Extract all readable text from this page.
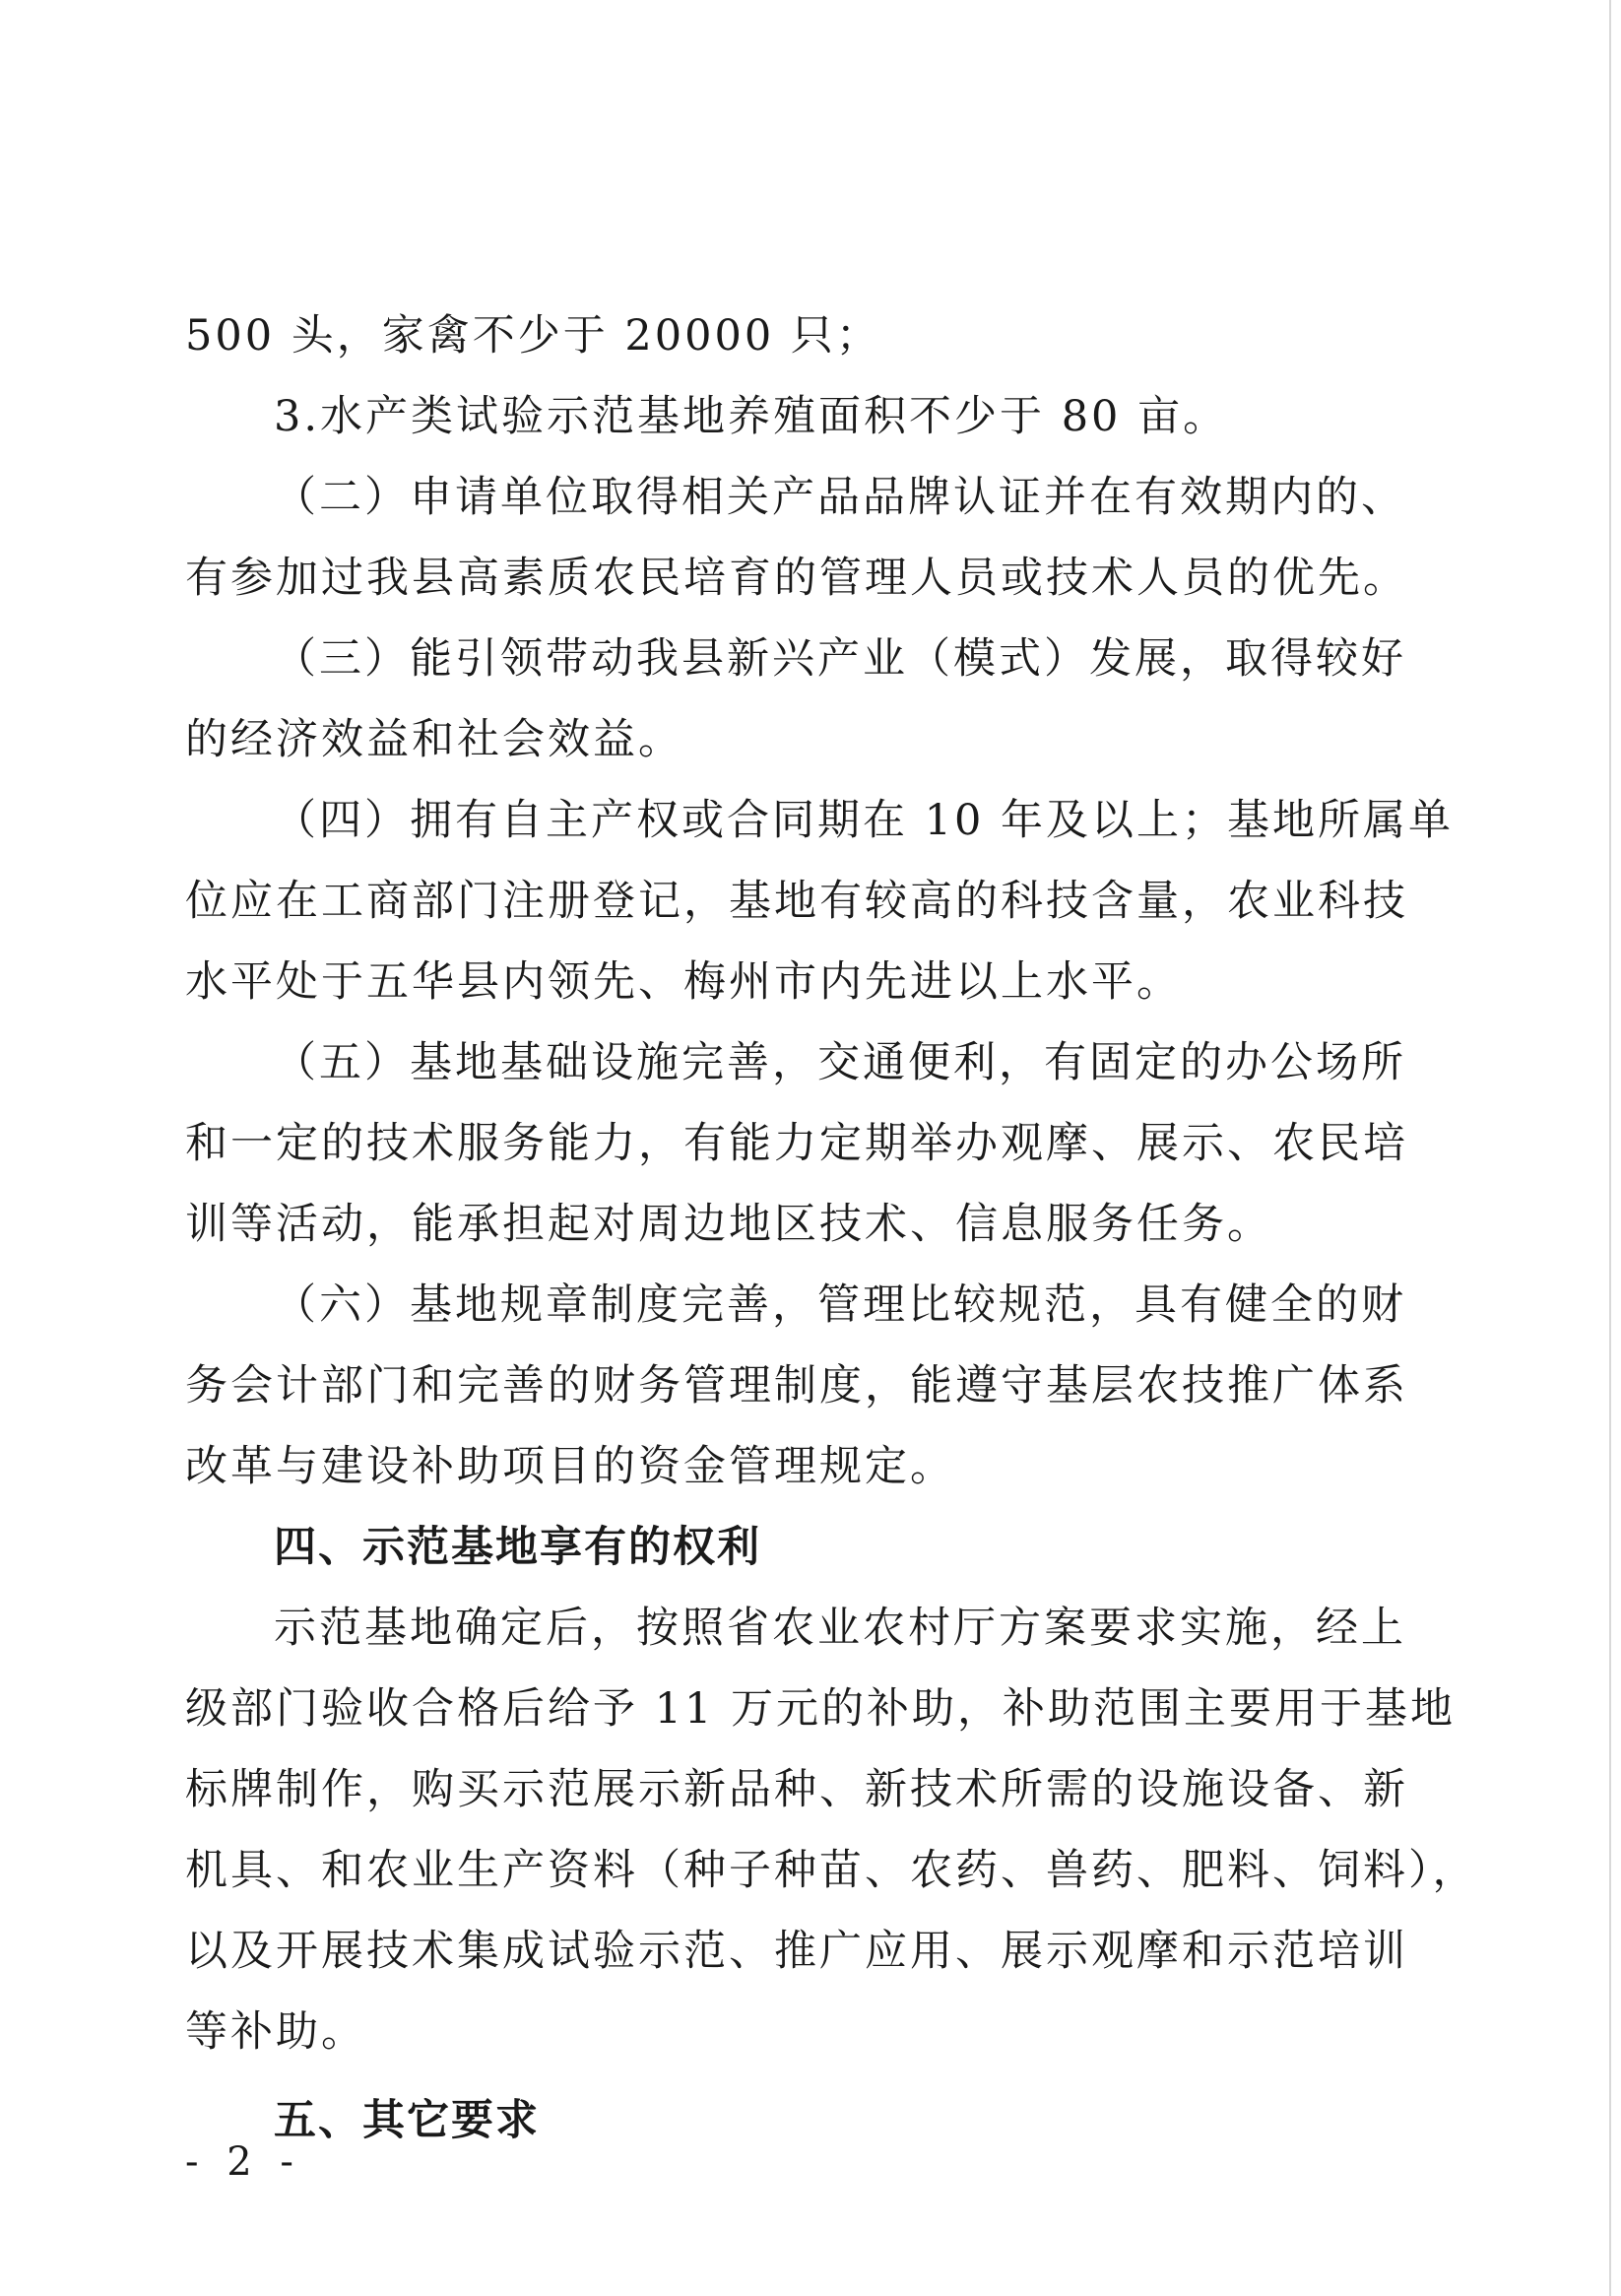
500 头，家禽不少于 20000 只；
3.水产类试验示范基地养殖面积不少于 80 亩。
（二）申请单位取得相关产品品牌认证并在有效期内的、
有参加过我县高素质农民培育的管理人员或技术人员的优先。
（三）能引领带动我县新兴产业（模式）发展，取得较好
的经济效益和社会效益。
（四）拥有自主产权或合同期在 10 年及以上；基地所属单
位应在工商部门注册登记，基地有较高的科技含量，农业科技
水平处于五华县内领先、梅州市内先进以上水平。
（五）基地基础设施完善，交通便利，有固定的办公场所
和一定的技术服务能力，有能力定期举办观摩、展示、农民培
训等活动，能承担起对周边地区技术、信息服务任务。
（六）基地规章制度完善，管理比较规范，具有健全的财
务会计部门和完善的财务管理制度，能遵守基层农技推广体系
改革与建设补助项目的资金管理规定。
四、示范基地享有的权利
示范基地确定后，按照省农业农村厅方案要求实施，经上
级部门验收合格后给予 11 万元的补助，补助范围主要用于基地
标牌制作，购买示范展示新品种、新技术所需的设施设备、新
机具、和农业生产资料（种子种苗、农药、兽药、肥料、饲料），
以及开展技术集成试验示范、推广应用、展示观摩和示范培训
等补助。
五、其它要求
- 2 -
